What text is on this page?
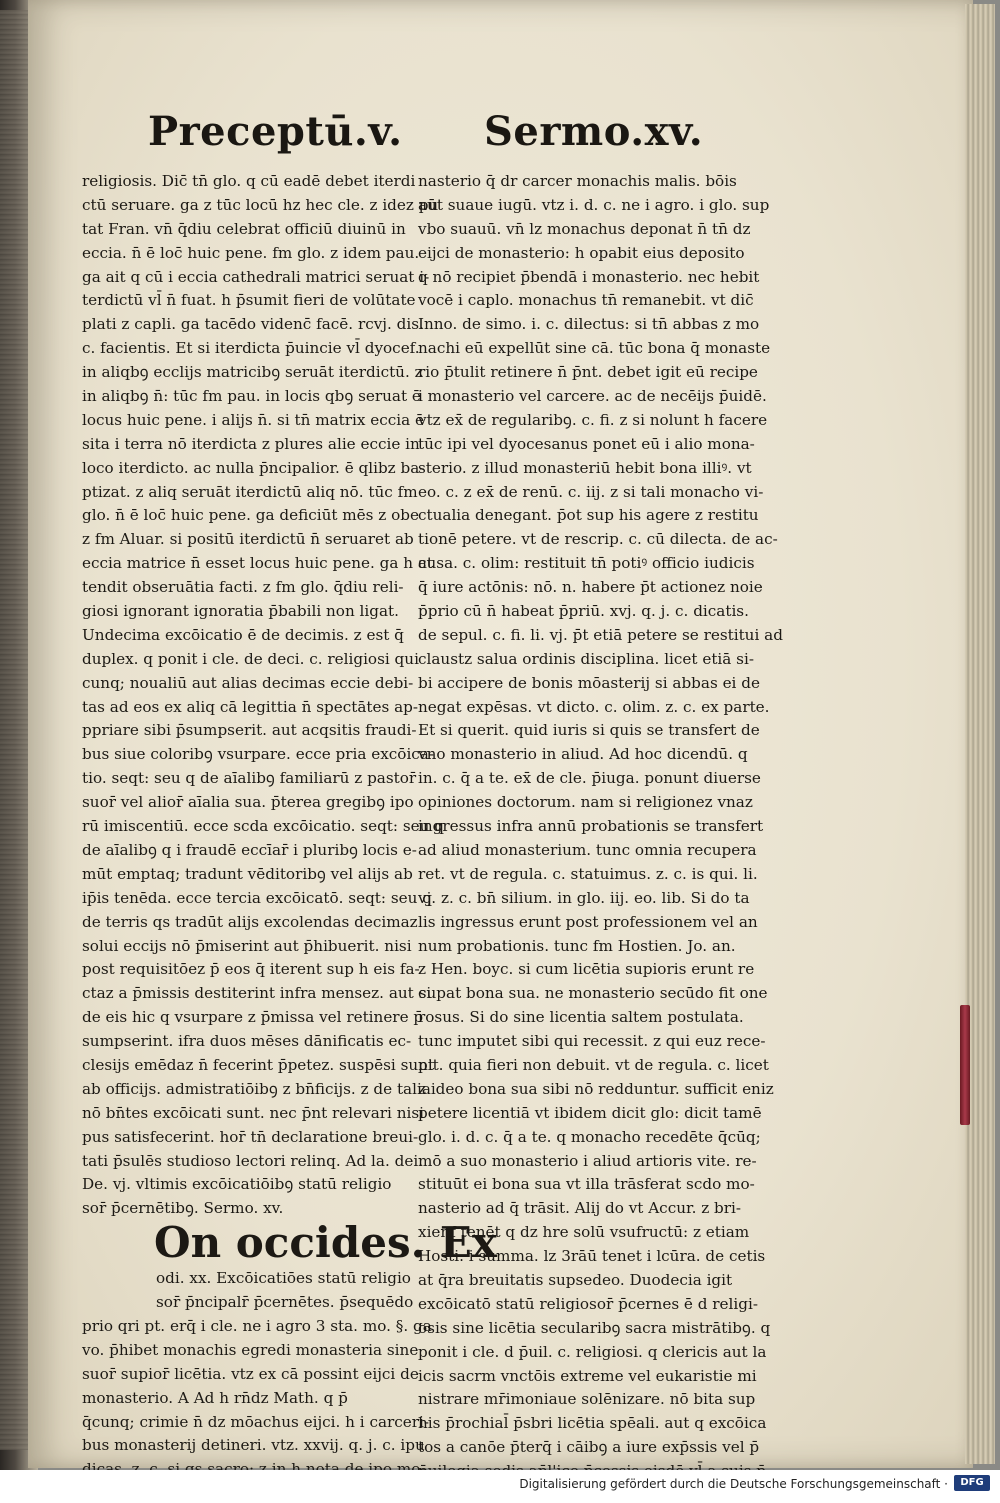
Preceptū.v. Sermo.xv.
religiosis. Dic̄ tn̄ glo. q cū eadē debet iterdi
ctū seruare. ga z tūc locū hz hec cle. z idez pu
tat Fran. vn̄ q̄diu celebrat officiū diuinū in
eccia. n̄ ē loc̄ huic pene. fm glo. z idem pau.
ga ait q cū i eccia cathedrali matrici seruat i-
terdictū vl̄ n̄ fuat. h p̄sumit fieri de volūtate
plati z capli. ga tacēdo videnc̄ facē. rcvj. dis.
c. facientis. Et si iterdicta p̄uincie vl̄ dyocef.
in aliqbꝯ ecclijs matricibꝯ seruāt iterdictū. z
in aliqbꝯ n̄: tūc fm pau. in locis qbꝯ seruat ē
locus huic pene. i alijs n̄. si tn̄ matrix eccia ē
sita i terra nō iterdicta z plures alie eccie in
loco iterdicto. ac nulla p̄ncipalior. ē qlibz ba-
ptizat. z aliq seruāt iterdictū aliq nō. tūc fm
glo. n̄ ē loc̄ huic pene. ga deficiūt mēs z obe
z fm Aluar. si positū iterdictū n̄ seruaret ab
eccia matrice n̄ esset locus huic pene. ga h at
tendit obseruātia facti. z fm glo. q̄diu reli-
giosi ignorant ignoratia p̄babili non ligat.
Undecima excōicatio ē de decimis. z est q̄
duplex. q ponit i cle. de deci. c. religiosi qui
cunq; noualiū aut alias decimas eccie debi-
tas ad eos ex aliq cā legittia n̄ spectātes ap-
ppriare sibi p̄sumpserit. aut acqsitis fraudi-
bus siue coloribꝯ vsurpare. ecce pria excōica-
tio. seqt: seu q de aīalibꝯ familiarū z pastor̄
suor̄ vel alior̄ aīalia sua. p̄terea gregibꝯ ipo
rū imiscentiū. ecce scda excōicatio. seqt: seu q
de aīalibꝯ q i fraudē eccīar̄ i pluribꝯ locis e-
mūt emptaq; tradunt vēditoribꝯ vel alijs ab
ip̄is tenēda. ecce tercia excōicatō. seqt: seu q
de terris qs tradūt alijs excolendas decimaz
solui eccijs nō p̄miserint aut p̄hibuerit. nisi
post requisitōez p̄ eos q̄ iterent sup h eis fa-
ctaz a p̄missis destiterint infra mensez. aut si
de eis hic q vsurpare z p̄missa vel retinere p̄
sumpserint. ifra duos mēses dānificatis ec-
clesijs emēdaz n̄ fecerint p̄petez. suspēsi sunt
ab officijs. admistratiōibꝯ z bn̄ficijs. z de talia
nō bn̄tes excōicati sunt. nec p̄nt relevari nisi
pus satisfecerint. hor̄ tn̄ declaratione breui-
tati p̄sulēs studioso lectori relinq. Ad la. dei.
De. vj. vltimis excōicatiōibꝯ statū religio
sor̄ p̄cernētibꝯ. Sermo. xv.
On occides. Ex
odi. xx. Excōicatiōes statū religio
sor̄ p̄ncipalr̄ p̄cernētes. p̄sequēdo
prio qri pt. erq̄ i cle. ne i agro 3 sta. mo. §. ga
vo. p̄hibet monachis egredi monasteria sine
suor̄ supior̄ licētia. vtz ex cā possint eijci de
monasterio. A Ad h rn̄dz Math. q p̄
q̄cunq; crimie n̄ dz mōachus eijci. h i carceri-
bus monasterij detineri. vtz. xxvij. q. j. c. ipu
nasterio q̄ dr carcer monachis malis. bōis
aūt suaue iugū. vtz i. d. c. ne i agro. i glo. sup
vbo suauū. vn̄ lz monachus deponat n̄ tn̄ dz
eijci de monasterio: h opabit eius deposito
q nō recipiet p̄bendā i monasterio. nec hebit
vocē i caplo. monachus tn̄ remanebit. vt dic̄
Inno. de simo. i. c. dilectus: si tn̄ abbas z mo
nachi eū expellūt sine cā. tūc bona q̄ monaste
rio p̄tulit retinere n̄ p̄nt. debet igit eū recipe
i monasterio vel carcere. ac de necēijs p̄uidē.
vtz ex̄ de regularibꝯ. c. fi. z si nolunt h facere
tūc ipi vel dyocesanus ponet eū i alio mona-
sterio. z illud monasteriū hebit bona illiꝰ. vt
eo. c. z ex̄ de renū. c. iij. z si tali monacho vi-
ctualia denegant. p̄ot sup his agere z restitu
tionē petere. vt de rescrip. c. cū dilecta. de ac-
cusa. c. olim: restituit tn̄ potiꝰ officio iudicis
q̄ iure actōnis: nō. n. habere p̄t actionez noie
p̄prio cū n̄ habeat p̄priū. xvj. q. j. c. dicatis.
de sepul. c. fi. li. vj. p̄t etiā petere se restitui ad
claustz salua ordinis disciplina. licet etiā si-
bi accipere de bonis mōasterij si abbas ei de
negat expēsas. vt dicto. c. olim. z. c. ex parte.
Et si querit. quid iuris si quis se transfert de
vno monasterio in aliud. Ad hoc dicendū. q
in. c. q̄ a te. ex̄ de cle. p̄iuga. ponunt diuerse
opiniones doctorum. nam si religionez vnaz
ingressus infra annū probationis se transfert
ad aliud monasterium. tunc omnia recupera
ret. vt de regula. c. statuimus. z. c. is qui. li.
vj. z. c. bn̄ silium. in glo. iij. eo. lib. Si do ta
lis ingressus erunt post professionem vel an
num probationis. tunc fm Hostien. Jo. an.
z Hen. boyc. si cum licētia supioris erunt re
cupat bona sua. ne monasterio secūdo fit one
rosus. Si do sine licentia saltem postulata.
tunc imputet sibi qui recessit. z qui euz rece-
pit. quia fieri non debuit. vt de regula. c. licet
z ideo bona sua sibi nō redduntur. sufficit eniz
petere licentiā vt ibidem dicit glo: dicit tamē
glo. i. d. c. q̄ a te. q monacho recedēte q̄cūq;
mō a suo monasterio i aliud artioris vite. re-
stituūt ei bona sua vt illa trāsferat scdo mo-
nasterio ad q̄ trāsit. Alij do vt Accur. z bri-
xienf tenēt q dz hre solū vsufructū: z etiam
Hosti. i summa. lz 3rāū tenet i lcūra. de cetis
at q̄ra breuitatis supsedeo. Duodecia igit
excōicatō statū religiosor̄ p̄cernes ē d religi-
osis sine licētia secularibꝯ sacra mistrātibꝯ. q
ponit i cle. d p̄uil. c. religiosi. q clericis aut la
icis sacrm vnctōis extreme vel eukaristie mi
nistrare mr̄imoniaue solēnizare. nō bita sup
his p̄rochial̄ p̄sbri licētia spēali. aut q excōica
tos a canōe p̄terq̄ i cāibꝯ a iure exp̄ssis vel p̄
Digitalisierung gefördert durch die Deutsche Forschungsgemeinschaft ·	DFG
